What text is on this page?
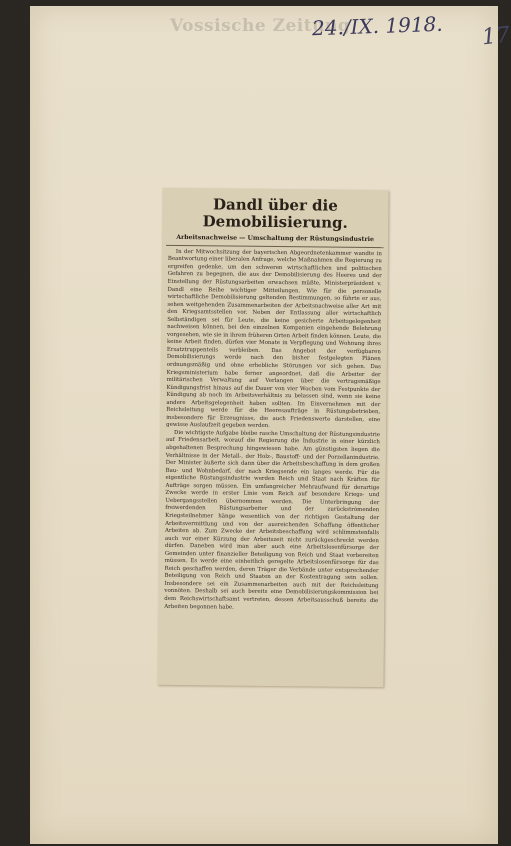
Vossische Zeitung
24./IX. 1918. 17
Dandl über die Demobilisierung.
Arbeitsnachweise — Umschaltung der Rüstungsindustrie

In der Mitwochsitzung der bayerischen Abgeordnetenkammer wandte in Beantwortung einer liberalen Anfrage, welche Maßnahmen die Regierung zu ergreifen gedenke, um den schweren wirtschaftlichen und politischen Gefahren zu begegnen, die aus der Demobilisierung des Heeres und der Einstellung der Rüstungsarbeiten erwachsen müßte, Ministerpräsident v. Dandl eine Reihe wichtiger Mitteilungen. Wie für die personelle wirtschaftliche Demobilisierung geltenden Bestimmungen, so führte er aus, sehen weitgehenden Zusammenarbeiten der Arbeitsnachweise aller Art mit den Kriegsamtsstellen vor. Neben der Entlassung aller wirtschaftlich Selbständigen sei für Leute, die keine gesicherte Arbeitsgelegenheit nachweisen können, bei den einzelnen Kompanien eingehende Belehrung vorgesehen, wie sie in ihrem früheren Orten Arbeit finden können. Leute, die keine Arbeit finden, dürfen vier Monate in Verpflegung und Wohnung ihres Ersatztruppenteils verbleiben. Das Angebot der verfügbaren Demobilisierungs werde nach den bisher festgelegten Plänen ordnungsmäßig und ohne erhebliche Störungen vor sich gehen. Das Kriegsministerium habe ferner angeordnet, daß die Arbeiter der militärischen Verwaltung auf Verlangen über die vertragsmäßige Kündigungsfrist hinaus auf die Dauer von vier Wochen vom Festpunkte der Kündigung ab noch im Arbeitsverhältnis zu belassen sind, wenn sie keine andere Arbeitsgelegenheit haben sollten. Im Einvernehmen mit der Reichsleitung werde für die Heeresaufträge in Rüstungsbetrieben, insbesondere für Erzeugnisse, die auch Friedenswerte darstellen, eine gewisse Auslaufzeit gegeben werden.

Die wichtigste Aufgabe bleibe rasche Umschaltung der Rüstungsindustrie auf Friedensarbeit, worauf die Regierung die Industrie in einer kürzlich abgehaltenen Besprechung hingewiesen habe. Am günstigsten liegen die Verhältnisse in der Metall-, der Holz-, Baustoff- und der Porzellanindustrie. Der Minister äußerte sich dann über die Arbeitsbeschaffung in dem großen Bau- und Wohnbedarf, der nach Kriegsende ein langes werde. Für die eigentliche Rüstungsindustrie werden Reich und Staat nach Kräften für Aufträge sorgen müssen. Ein umfangreicher Mehraufwand für derartige Zwecke werde in erster Linie vom Reich auf besondere Kriegs- und Uebergangsstellen übernommen werden. Die Unterbringung der freiwerdenden Rüstungsarbeiter und der zurückströmenden Kriegsteilnehmer hänge wesentlich von der richtigen Gestaltung der Arbeitsvermittlung und von der ausreichenden Schaffung öffentlicher Arbeiten ab. Zum Zwecke der Arbeitsbeschaffung wird schlimmstenfalls auch vor einer Kürzung der Arbeitszeit nicht zurückgeschreckt werden dürfen. Daneben wird man aber auch eine Arbeitslosenfürsorge der Gemeinden unter finanzieller Beteiligung von Reich und Staat vorbereiten müssen. Es werde eine einheitlich geregelte Arbeitslosenfürsorge für das Reich geschaffen werden, deren Träger die Verbände unter entsprechender Beteiligung von Reich und Staaten an der Kostentragung sein sollen. Insbesondere sei ein Zusammenarbeiten auch mit der Reichsleitung vonnöten. Deshalb sei auch bereits eine Demobilisierungskommission bei dem Reichswirtschaftsamt vertreten, dessen Arbeitsausschuß bereits die Arbeiten begonnen habe.
